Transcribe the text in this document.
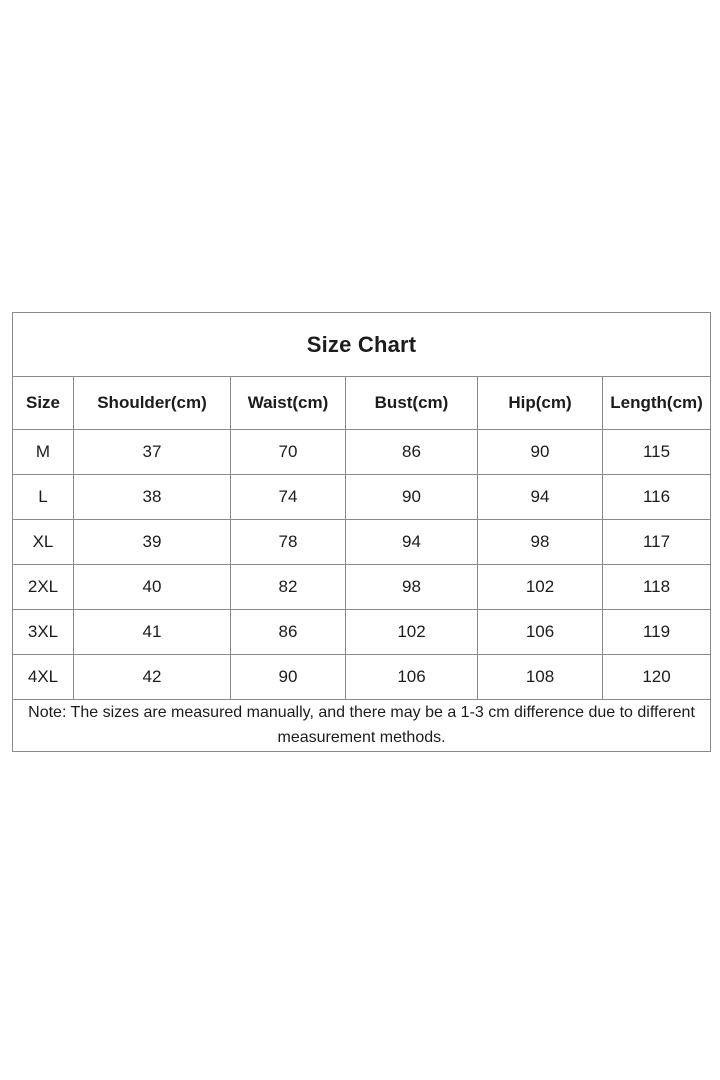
Size Chart					
Size	Shoulder(cm)	Waist(cm)	Bust(cm)	Hip(cm)	Length(cm)
M	37	70	86	90	115
L	38	74	90	94	116
XL	39	78	94	98	117
2XL	40	82	98	102	118
3XL	41	86	102	106	119
4XL	42	90	106	108	120
Note: The sizes are measured manually, and there may be a 1-3 cm difference due to different measurement methods.					
